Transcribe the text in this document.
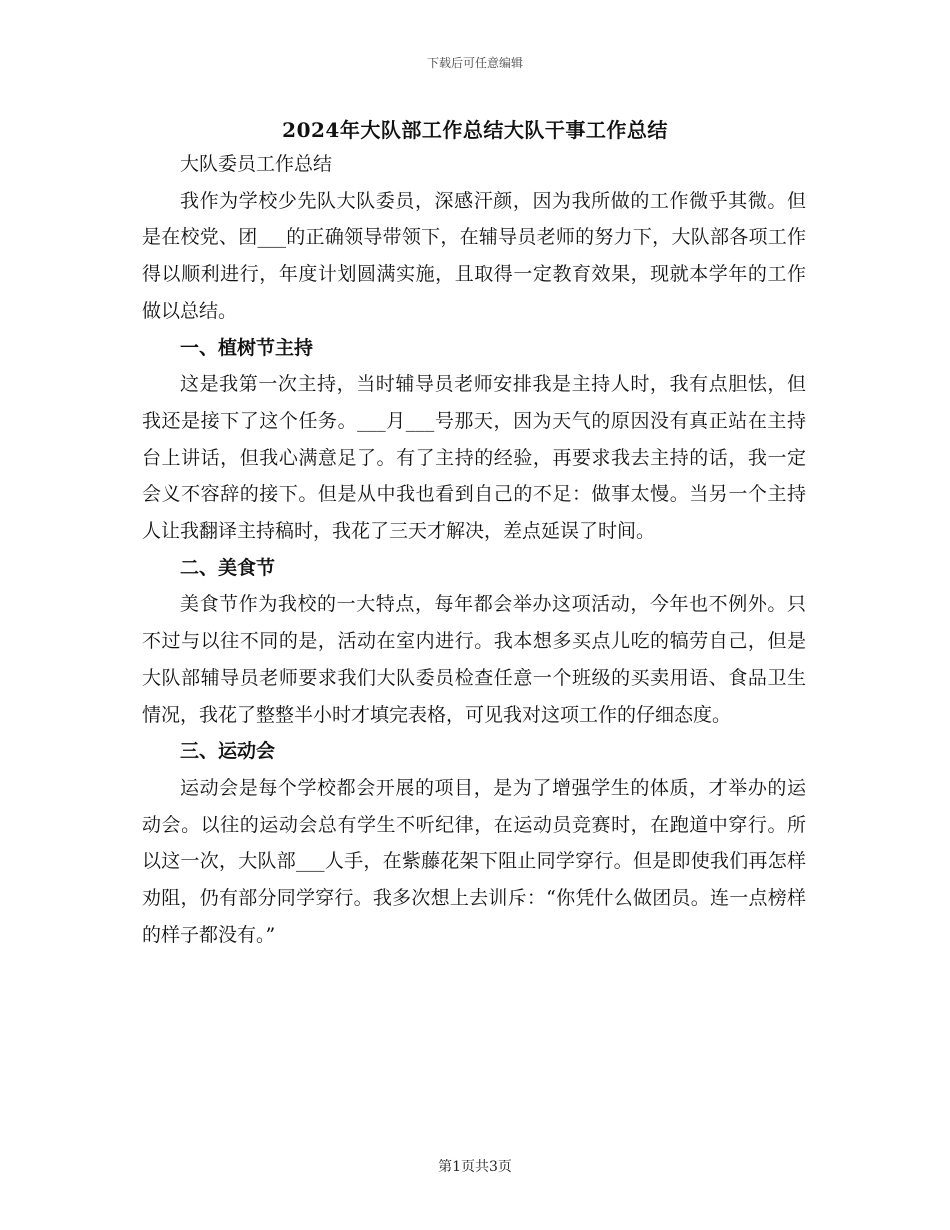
下载后可任意编辑
2024年大队部工作总结大队干事工作总结

大队委员工作总结

我作为学校少先队大队委员，深感汗颜，因为我所做的工作微乎其微。但是在校党、团___的正确领导带领下，在辅导员老师的努力下，大队部各项工作得以顺利进行，年度计划圆满实施，且取得一定教育效果，现就本学年的工作做以总结。

一、植树节主持

这是我第一次主持，当时辅导员老师安排我是主持人时，我有点胆怯，但我还是接下了这个任务。___月___号那天，因为天气的原因没有真正站在主持台上讲话，但我心满意足了。有了主持的经验，再要求我去主持的话，我一定会义不容辞的接下。但是从中我也看到自己的不足：做事太慢。当另一个主持人让我翻译主持稿时，我花了三天才解决，差点延误了时间。

二、美食节

美食节作为我校的一大特点，每年都会举办这项活动，今年也不例外。只不过与以往不同的是，活动在室内进行。我本想多买点儿吃的犒劳自己，但是大队部辅导员老师要求我们大队委员检查任意一个班级的买卖用语、食品卫生情况，我花了整整半小时才填完表格，可见我对这项工作的仔细态度。

三、运动会

运动会是每个学校都会开展的项目，是为了增强学生的体质，才举办的运动会。以往的运动会总有学生不听纪律，在运动员竞赛时，在跑道中穿行。所以这一次，大队部___人手，在紫藤花架下阻止同学穿行。但是即使我们再怎样劝阻，仍有部分同学穿行。我多次想上去训斥：“你凭什么做团员。连一点榜样的样子都没有。”

第1页共3页
